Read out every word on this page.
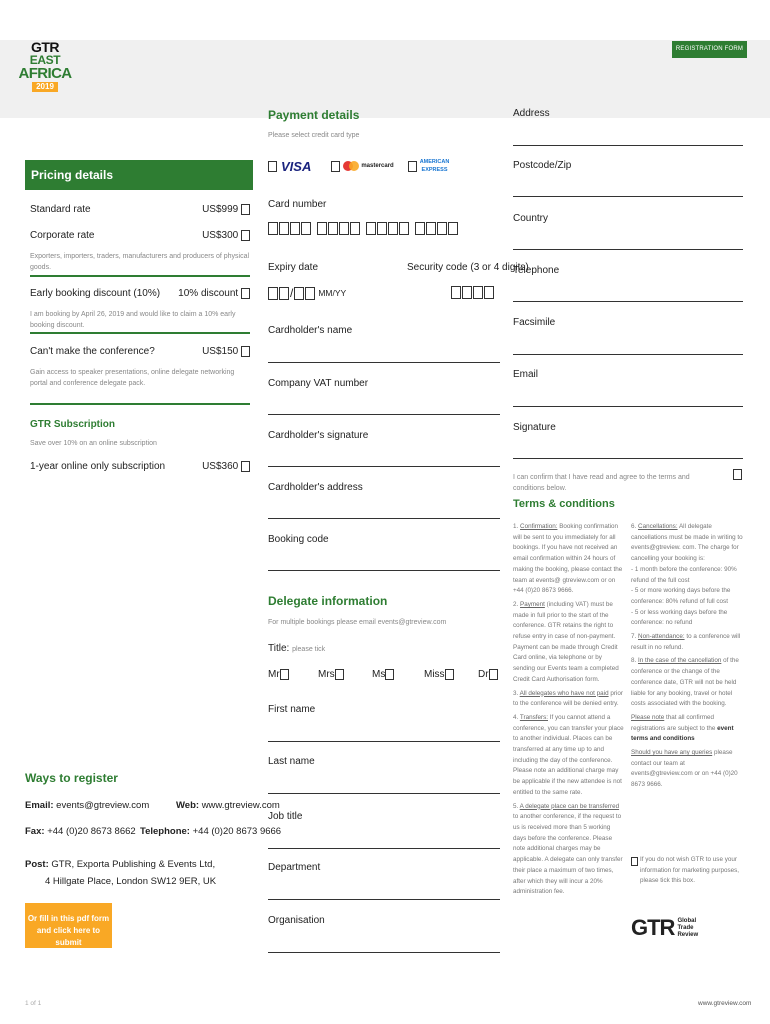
REGISTRATION FORM
GTR
EAST
AFRICA
2019
Pricing details
Standard rate	US$999
Corporate rate	US$300
Exporters, importers, traders, manufacturers and producers of physical goods.
Early booking discount (10%) 10% discount
I am booking by April 26, 2019 and would like to claim a 10% early booking discount.
Can't make the conference?	US$150
Gain access to speaker presentations, online delegate networking portal and conference delegate pack.
GTR Subscription
Save over 10% on an online subscription
1-year online only subscription	US$360
Ways to register
Email: events@gtreview.com	Web: www.gtreview.com
Fax: +44 (0)20 8673 8662 Telephone: +44 (0)20 8673 9666
Post: GTR, Exporta Publishing & Events Ltd,
4 Hillgate Place, London SW12 9ER, UK
Or fill in this pdf form
and click here to submit
Payment details
Please select credit card type
VISA	mastercard
AMERICAN
EXPRESS
Card number
Expiry date	Security code (3 or 4 digits)
/	MM/YY
Cardholder's name
Company VAT number
Cardholder's signature
Cardholder's address
Booking code
Delegate information
For multiple bookings please email events@gtreview.com
Title: please tick
Mr	Mrs	Ms	Miss	Dr
First name
Last name
Job title
Department
Organisation
Address
Postcode/Zip
Country
Telephone
Facsimile
Email
Signature
I can confirm that I have read and agree to the terms and conditions below.
Terms & conditions

1. Confirmation: Booking confirmation will be sent to you immediately for all bookings. If you have not received an email confirmation within 24 hours of making the booking, please contact the team at events@ gtreview.com or on +44 (0)20 8673 9666.

2. Payment (including VAT) must be made in full prior to the start of the conference. GTR retains the right to refuse entry in case of non-payment. Payment can be made through Credit Card online, via telephone or by sending our Events team a completed Credit Card Authorisation form.

3. All delegates who have not paid prior to the conference will be denied entry.

4. Transfers: If you cannot attend a conference, you can transfer your place to another individual. Places can be transferred at any time up to and including the day of the conference. Please note an additional charge may be applicable if the new attendee is not entitled to the same rate.

5. A delegate place can be transferred to another conference, if the request to us is received more than 5 working days before the conference. Please note additional charges may be applicable. A delegate can only transfer their place a maximum of two times, after which they will incur a 20% administration fee.

6. Cancellations: All delegate cancellations must be made in writing to events@gtreview. com. The charge for cancelling your booking is:
- 1 month before the conference: 90% refund of the full cost
- 5 or more working days before the conference: 80% refund of full cost
- 5 or less working days before the conference: no refund

7. Non-attendance: to a conference will result in no refund.

8. In the case of the cancellation of the conference or the change of the conference date, GTR will not be held liable for any booking, travel or hotel costs associated with the booking.

Please note that all confirmed registrations are subject to the event terms and conditions

Should you have any queries please contact our team at events@gtreview.com or on +44 (0)20 8673 9666.

If you do not wish GTR to use your information for marketing purposes, please tick this box.
GTR Global
Trade
Review
1 of 1	www.gtreview.com
